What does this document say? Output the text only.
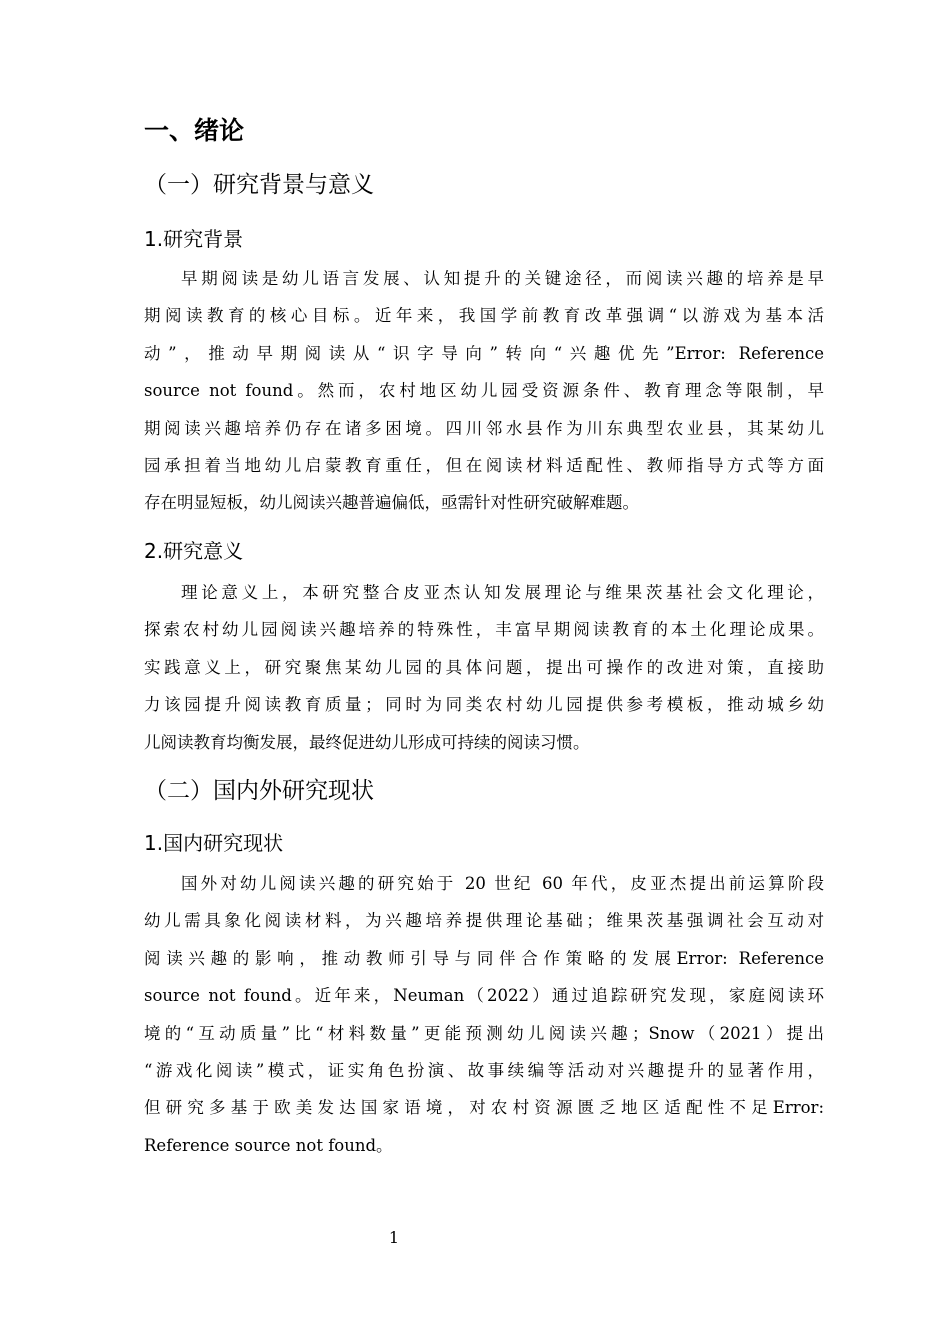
一、绪论
（一）研究背景与意义
1.研究背景
早期阅读是幼儿语言发展、认知提升的关键途径，而阅读兴趣的培养是早
期阅读教育的核心目标。近年来，我国学前教育改革强调“以游戏为基本活
动”，推动早期阅读从“识字导向”转向“兴趣优先”Error: Reference
source not found。然而，农村地区幼儿园受资源条件、教育理念等限制，早
期阅读兴趣培养仍存在诸多困境。四川邻水县作为川东典型农业县，其某幼儿
园承担着当地幼儿启蒙教育重任，但在阅读材料适配性、教师指导方式等方面
存在明显短板，幼儿阅读兴趣普遍偏低，亟需针对性研究破解难题。
2.研究意义
理论意义上，本研究整合皮亚杰认知发展理论与维果茨基社会文化理论，
探索农村幼儿园阅读兴趣培养的特殊性，丰富早期阅读教育的本土化理论成果。
实践意义上，研究聚焦某幼儿园的具体问题，提出可操作的改进对策，直接助
力该园提升阅读教育质量；同时为同类农村幼儿园提供参考模板，推动城乡幼
儿阅读教育均衡发展，最终促进幼儿形成可持续的阅读习惯。
（二）国内外研究现状
1.国内研究现状
国外对幼儿阅读兴趣的研究始于 20 世纪 60 年代，皮亚杰提出前运算阶段
幼儿需具象化阅读材料，为兴趣培养提供理论基础；维果茨基强调社会互动对
阅读兴趣的影响，推动教师引导与同伴合作策略的发展Error: Reference
source not found。近年来，Neuman（2022）通过追踪研究发现，家庭阅读环
境的“互动质量”比“材料数量”更能预测幼儿阅读兴趣；Snow（2021）提出
“游戏化阅读”模式，证实角色扮演、故事续编等活动对兴趣提升的显著作用，
但研究多基于欧美发达国家语境，对农村资源匮乏地区适配性不足Error:
Reference source not found。
1
